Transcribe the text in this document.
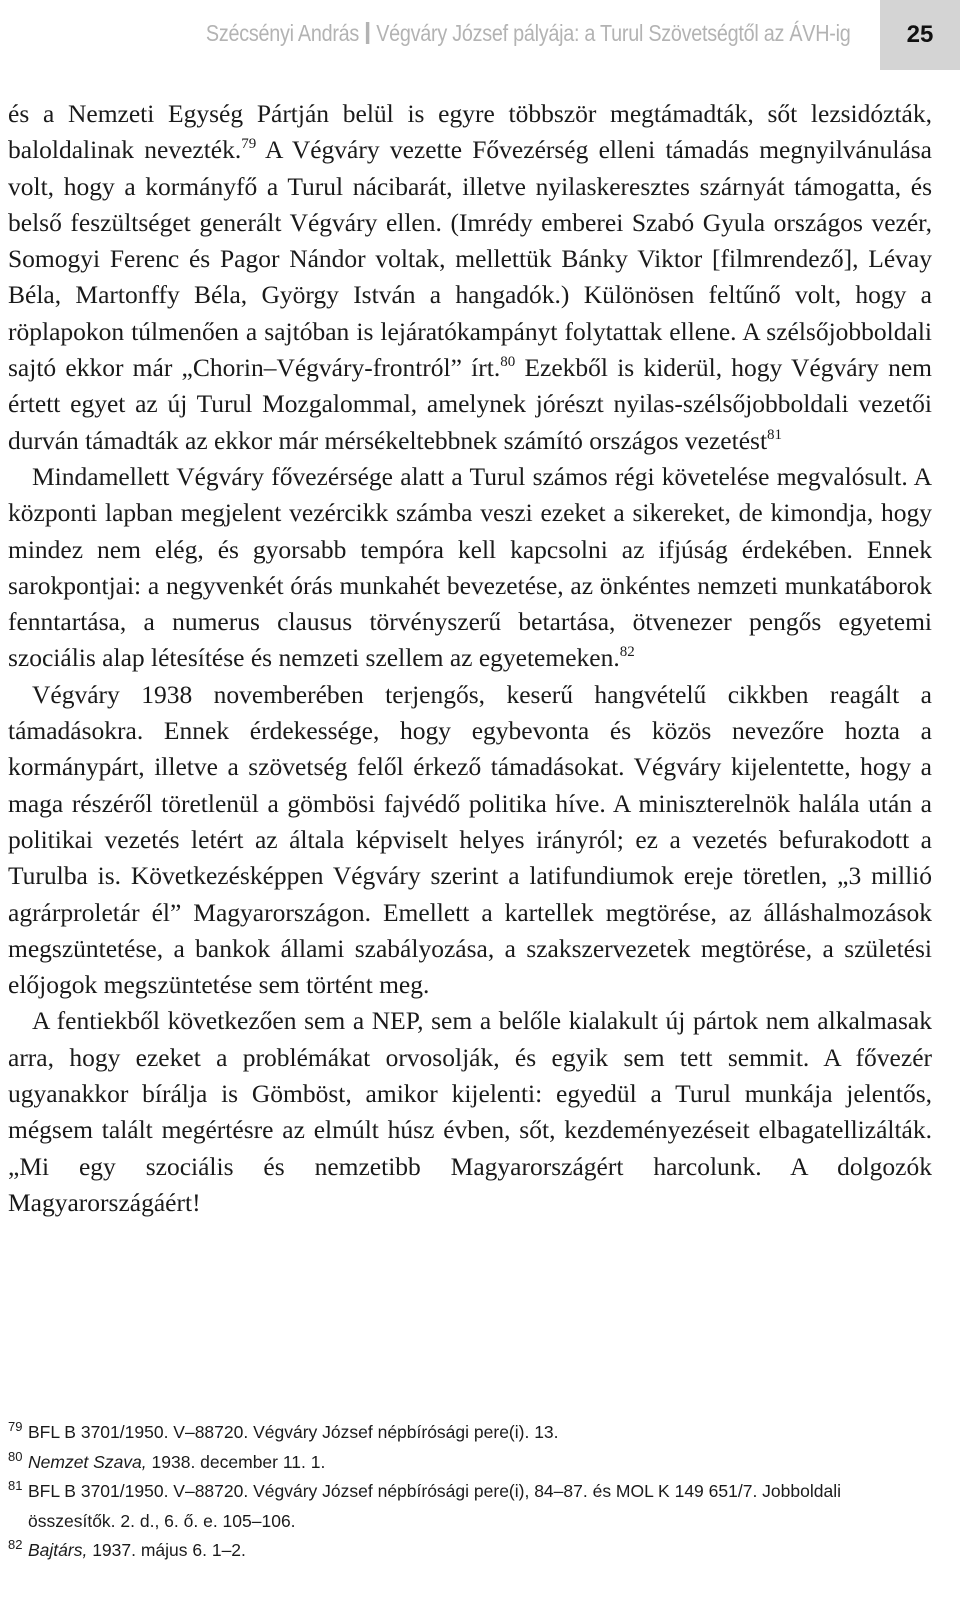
Szécsényi András Végváry József pályája: a Turul Szövetségtől az ÁVH-ig	25

és a Nemzeti Egység Pártján belül is egyre többször megtámadták, sőt lezsidózták, baloldalinak nevezték.$^{79}$ A Végváry vezette Fővezérség elleni támadás megnyilvánulása volt, hogy a kormányfő a Turul nácibarát, illetve nyilaskeresztes szárnyát támogatta, és belső feszültséget generált Végváry ellen. (Imrédy emberei Szabó Gyula országos vezér, Somogyi Ferenc és Pagor Nándor voltak, mellettük Bánky Viktor [filmrendező], Lévay Béla, Martonffy Béla, György István a hangadók.) Különösen feltűnő volt, hogy a röplapokon túlmenően a sajtóban is lejáratókampányt folytattak ellene. A szélsőjobboldali sajtó ekkor már „Chorin–Végváry-frontról” írt.$^{80}$ Ezekből is kiderül, hogy Végváry nem értett egyet az új Turul Mozgalommal, amelynek jórészt nyilas-szélsőjobboldali vezetői durván támadták az ekkor már mérsékeltebbnek számító országos vezetést$^{81}$

Mindamellett Végváry fővezérsége alatt a Turul számos régi követelése megvalósult. A központi lapban megjelent vezércikk számba veszi ezeket a sikereket, de kimondja, hogy mindez nem elég, és gyorsabb tempóra kell kapcsolni az ifjúság érdekében. Ennek sarokpontjai: a negyvenkét órás munkahét bevezetése, az önkéntes nemzeti munkatáborok fenntartása, a numerus clausus törvényszerű betartása, ötvenezer pengős egyetemi szociális alap létesítése és nemzeti szellem az egyetemeken.$^{82}$

Végváry 1938 novemberében terjengős, keserű hangvételű cikkben reagált a támadásokra. Ennek érdekessége, hogy egybevonta és közös nevezőre hozta a kormánypárt, illetve a szövetség felől érkező támadásokat. Végváry kijelentette, hogy a maga részéről töretlenül a gömbösi fajvédő politika híve. A miniszterelnök halála után a politikai vezetés letért az általa képviselt helyes irányról; ez a vezetés befurakodott a Turulba is. Következésképpen Végváry szerint a latifundiumok ereje töretlen, „3 millió agrárproletár él” Magyarországon. Emellett a kartellek megtörése, az álláshalmozások megszüntetése, a bankok állami szabályozása, a szakszervezetek megtörése, a születési előjogok megszüntetése sem történt meg.

A fentiekből következően sem a NEP, sem a belőle kialakult új pártok nem alkalmasak arra, hogy ezeket a problémákat orvosolják, és egyik sem tett semmit. A fővezér ugyanakkor bírálja is Gömböst, amikor kijelenti: egyedül a Turul munkája jelentős, mégsem talált megértésre az elmúlt húsz évben, sőt, kezdeményezéseit elbagatellizálták. „Mi egy szociális és nemzetibb Magyarországért harcolunk. A dolgozók Magyarországáért!

79 BFL B 3701/1950. V–88720. Végváry József népbírósági pere(i). 13.
80 Nemzet Szava, 1938. december 11. 1.
81 BFL B 3701/1950. V–88720. Végváry József népbírósági pere(i), 84–87. és MOL K 149 651/7. Jobboldali összesítők. 2. d., 6. ő. e. 105–106.
82 Bajtárs, 1937. május 6. 1–2.
